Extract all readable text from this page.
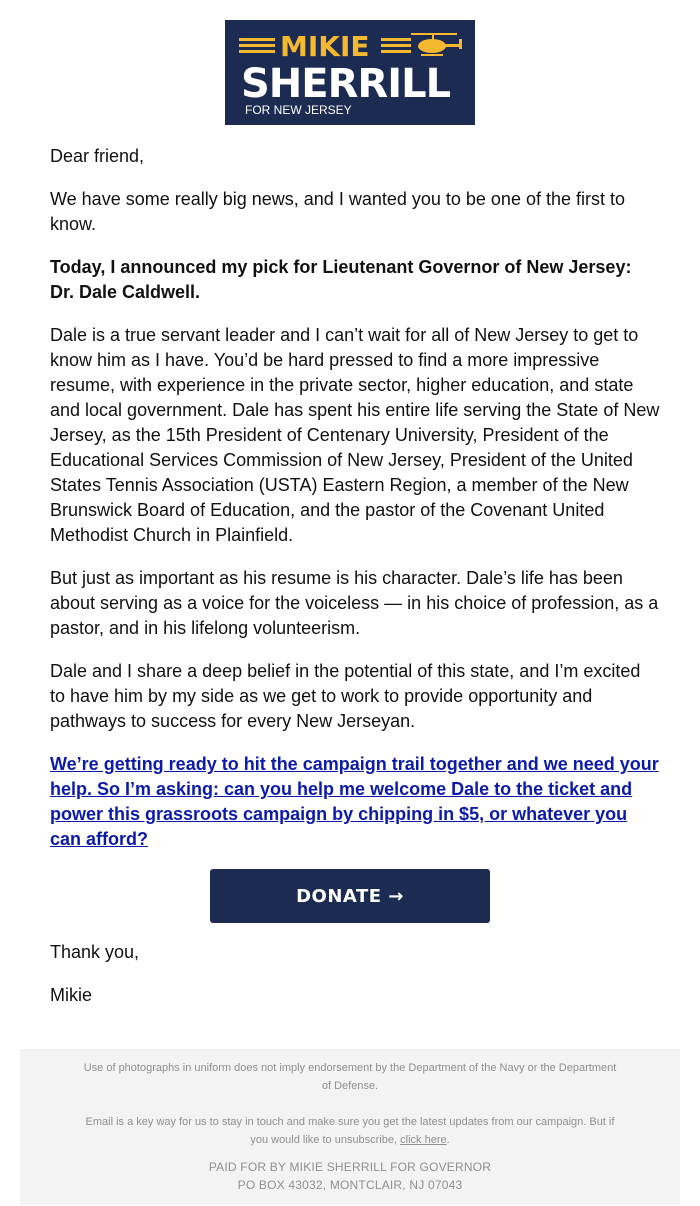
MIKIE
SHERRILL
FOR NEW JERSEY

Dear friend,

We have some really big news, and I wanted you to be one of the first to know.

Today, I announced my pick for Lieutenant Governor of New Jersey: Dr. Dale Caldwell.

Dale is a true servant leader and I can’t wait for all of New Jersey to get to know him as I have. You’d be hard pressed to find a more impressive resume, with experience in the private sector, higher education, and state and local government. Dale has spent his entire life serving the State of New Jersey, as the 15th President of Centenary University, President of the Educational Services Commission of New Jersey, President of the United States Tennis Association (USTA) Eastern Region, a member of the New Brunswick Board of Education, and the pastor of the Covenant United Methodist Church in Plainfield.

But just as important as his resume is his character. Dale’s life has been about serving as a voice for the voiceless — in his choice of profession, as a pastor, and in his lifelong volunteerism.

Dale and I share a deep belief in the potential of this state, and I’m excited to have him by my side as we get to work to provide opportunity and pathways to success for every New Jerseyan.

We’re getting ready to hit the campaign trail together and we need your help. So I’m asking: can you help me welcome Dale to the ticket and power this grassroots campaign by chipping in $5, or whatever you can afford?

DONATE →
Thank you,
Mikie
Use of photographs in uniform does not imply endorsement by the Department of the Navy or the Department of Defense.
Email is a key way for us to stay in touch and make sure you get the latest updates from our campaign. But if you would like to unsubscribe, click here.
PAID FOR BY MIKIE SHERRILL FOR GOVERNOR
PO BOX 43032, MONTCLAIR, NJ 07043
